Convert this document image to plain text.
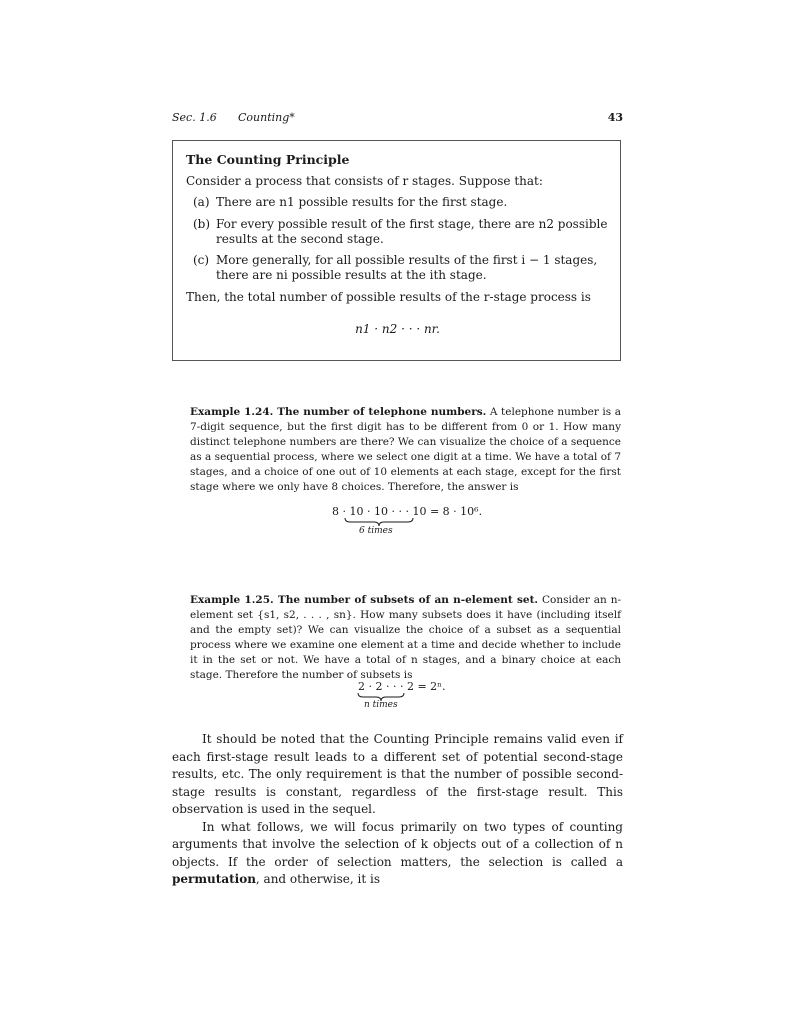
Sec. 1.6 Counting*	43
The Counting Principle
Consider a process that consists of r stages. Suppose that:
(a) There are n1 possible results for the first stage.
(b) For every possible result of the first stage, there are n2 possible results at the second stage.
(c) More generally, for all possible results of the first i − 1 stages, there are ni possible results at the ith stage.
Then, the total number of possible results of the r-stage process is
n1 · n2 · · · nr.
Example 1.24. The number of telephone numbers. A telephone number is a 7-digit sequence, but the first digit has to be different from 0 or 1. How many distinct telephone numbers are there? We can visualize the choice of a sequence as a sequential process, where we select one digit at a time. We have a total of 7 stages, and a choice of one out of 10 elements at each stage, except for the first stage where we only have 8 choices. Therefore, the answer is
8 · 10 · 10 · · · 10 = 8 · 10⁶.
6 times
Example 1.25. The number of subsets of an n-element set. Consider an n-element set {s1, s2, . . . , sn}. How many subsets does it have (including itself and the empty set)? We can visualize the choice of a subset as a sequential process where we examine one element at a time and decide whether to include it in the set or not. We have a total of n stages, and a binary choice at each stage. Therefore the number of subsets is
2 · 2 · · · 2 = 2ⁿ.
n times

It should be noted that the Counting Principle remains valid even if each first-stage result leads to a different set of potential second-stage results, etc. The only requirement is that the number of possible second-stage results is constant, regardless of the first-stage result. This observation is used in the sequel.

In what follows, we will focus primarily on two types of counting arguments that involve the selection of k objects out of a collection of n objects. If the order of selection matters, the selection is called a permutation, and otherwise, it is
